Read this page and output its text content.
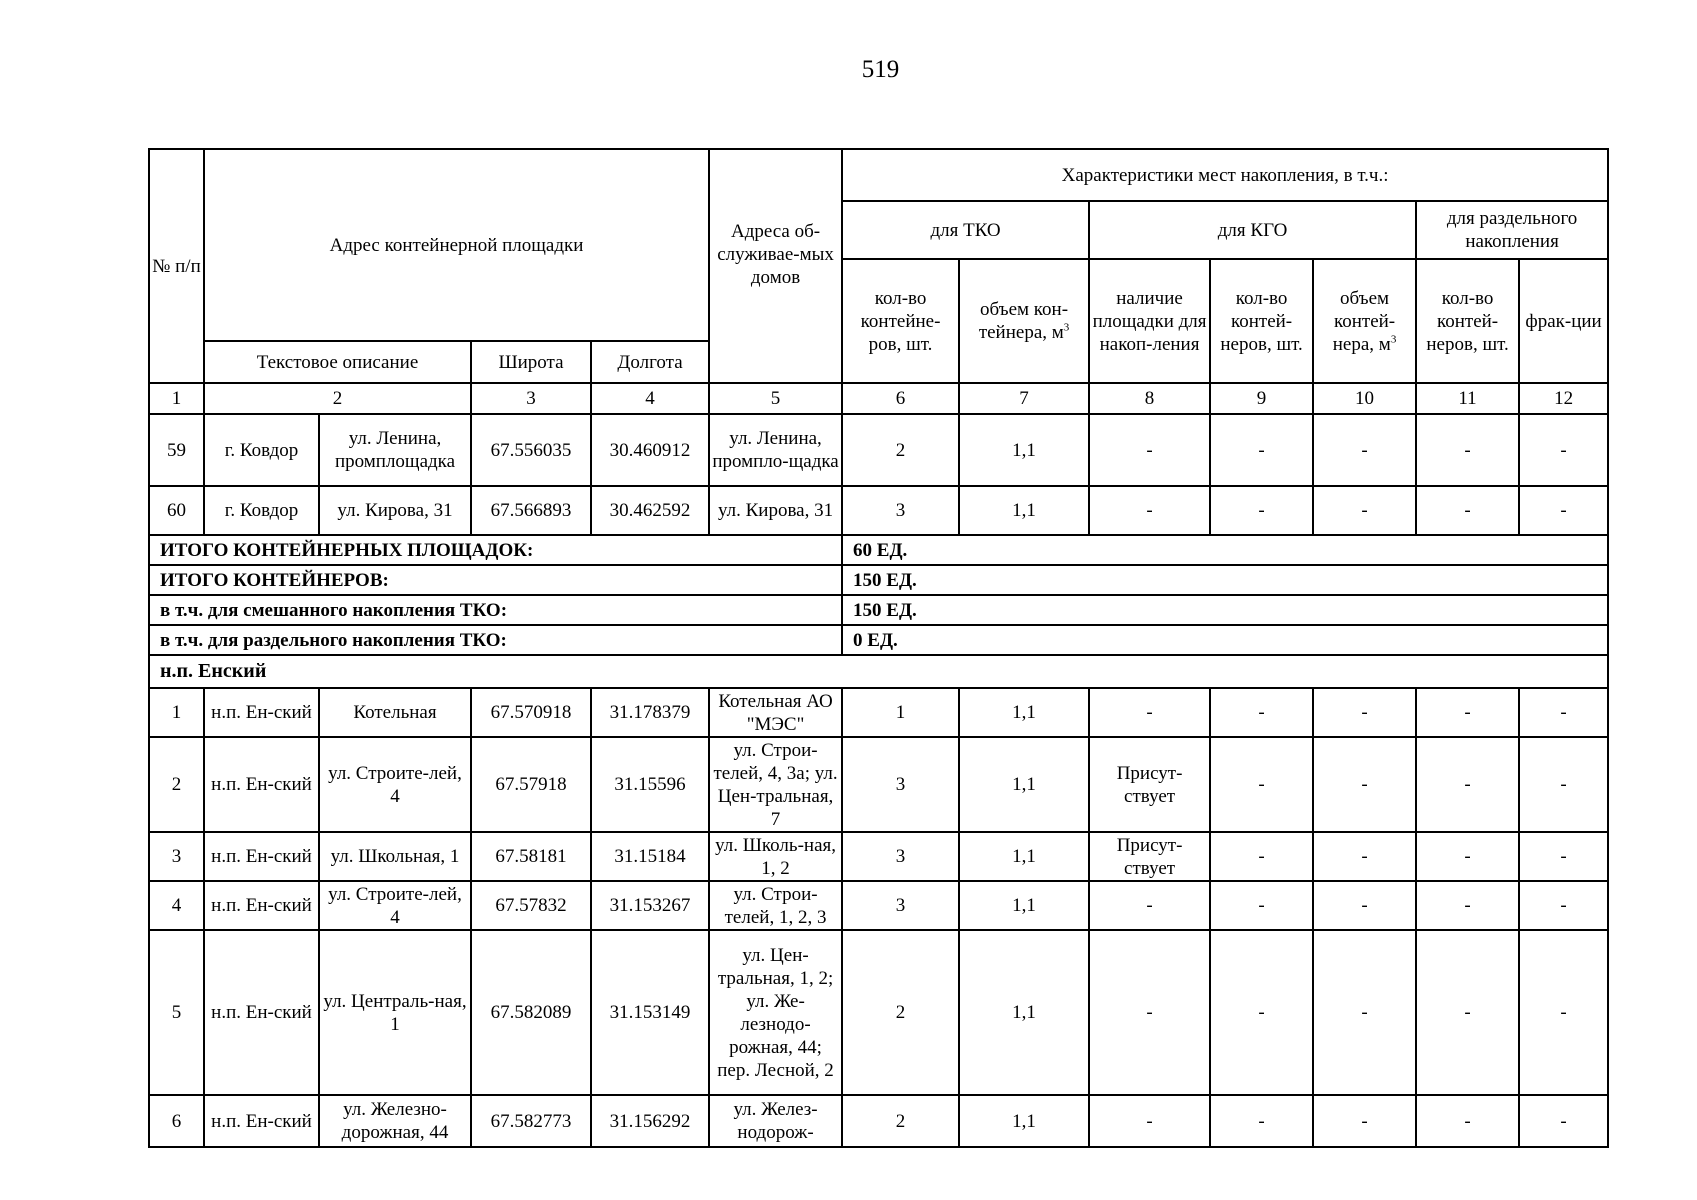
519
№ п/п	Адрес контейнерной площадки				Адреса об-служивае-мых домов	Характеристики мест накопления, в т.ч.:						
						для ТКО		для КГО			для раздельного накопления	
						кол-во контейне-ров, шт.	объем кон-тейнера, $м^3$	наличие площадки для накоп-ления	кол-во контей-неров, шт.	объем контей-нера, $м^3$	кол-во контей-неров, шт.	фрак-ции
	Текстовое описание		Широта	Долгота								
1	2		3	4	5	6	7	8	9	10	11	12
59	г. Ковдор	ул. Ленина, промплощадка	67.556035	30.460912	ул. Ленина, промпло-щадка	2	1,1	-	-	-	-	-
60	г. Ковдор	ул. Кирова, 31	67.566893	30.462592	ул. Кирова, 31	3	1,1	-	-	-	-	-
ИТОГО КОНТЕЙНЕРНЫХ ПЛОЩАДОК:						60 ЕД.						
ИТОГО КОНТЕЙНЕРОВ:						150 ЕД.						
в т.ч. для смешанного накопления ТКО:						150 ЕД.						
в т.ч. для раздельного накопления ТКО:						0 ЕД.						
н.п. Енский												
1	н.п. Ен-ский	Котельная	67.570918	31.178379	Котельная АО "МЭС"	1	1,1	-	-	-	-	-
2	н.п. Ен-ский	ул. Строите-лей, 4	67.57918	31.15596	ул. Строи-телей, 4, 3а; ул. Цен-тральная, 7	3	1,1	Присут-ствует	-	-	-	-
3	н.п. Ен-ский	ул. Школьная, 1	67.58181	31.15184	ул. Школь-ная, 1, 2	3	1,1	Присут-ствует	-	-	-	-
4	н.п. Ен-ский	ул. Строите-лей, 4	67.57832	31.153267	ул. Строи-телей, 1, 2, 3	3	1,1	-	-	-	-	-
5	н.п. Ен-ский	ул. Централь-ная, 1	67.582089	31.153149	ул. Цен-тральная, 1, 2; ул. Же-лезнодо-рожная, 44; пер. Лесной, 2	2	1,1	-	-	-	-	-
6	н.п. Ен-ский	ул. Железно-дорожная, 44	67.582773	31.156292	ул. Желез-нодорож-	2	1,1	-	-	-	-	-
